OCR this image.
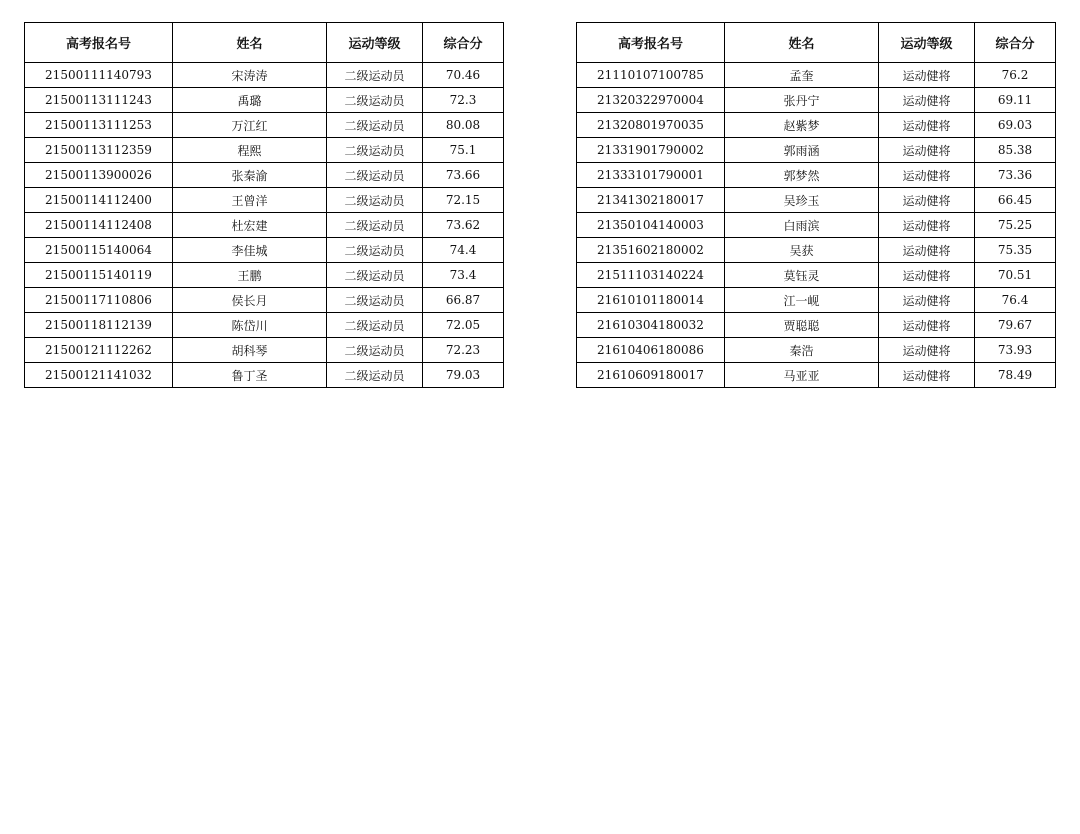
高考报名号	姓名	运动等级	综合分
21500111140793	宋涛涛	二级运动员	70.46
21500113111243	禹璐	二级运动员	72.3
21500113111253	万江红	二级运动员	80.08
21500113112359	程熙	二级运动员	75.1
21500113900026	张秦渝	二级运动员	73.66
21500114112400	王曾洋	二级运动员	72.15
21500114112408	杜宏建	二级运动员	73.62
21500115140064	李佳城	二级运动员	74.4
21500115140119	王鹏	二级运动员	73.4
21500117110806	侯长月	二级运动员	66.87
21500118112139	陈岱川	二级运动员	72.05
21500121112262	胡科琴	二级运动员	72.23
21500121141032	鲁丁圣	二级运动员	79.03
高考报名号	姓名	运动等级	综合分
21110107100785	孟奎	运动健将	76.2
21320322970004	张丹宁	运动健将	69.11
21320801970035	赵紫梦	运动健将	69.03
21331901790002	郭雨涵	运动健将	85.38
21333101790001	郭梦然	运动健将	73.36
21341302180017	吴珍玉	运动健将	66.45
21350104140003	白雨滨	运动健将	75.25
21351602180002	吴获	运动健将	75.35
21511103140224	莫钰灵	运动健将	70.51
21610101180014	江一岘	运动健将	76.4
21610304180032	贾聪聪	运动健将	79.67
21610406180086	秦浩	运动健将	73.93
21610609180017	马亚亚	运动健将	78.49
